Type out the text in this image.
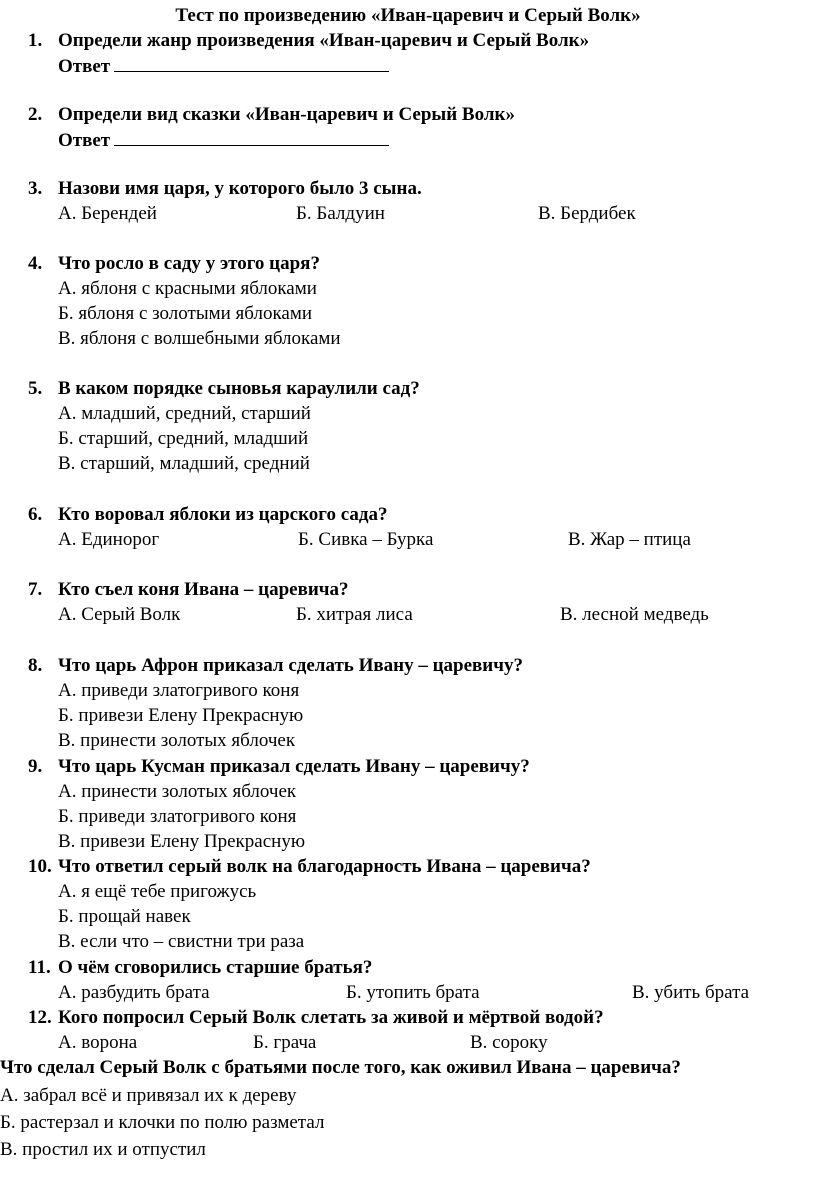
Тест по произведению «Иван-царевич и Серый Волк»
1. Определи жанр произведения «Иван-царевич и Серый Волк»
Ответ
2. Определи вид сказки «Иван-царевич и Серый Волк»
Ответ
3. Назови имя царя, у которого было 3 сына.
А. Берендей	Б. Балдуин	В. Бердибек
4. Что росло в саду у этого царя?
А. яблоня с красными яблоками
Б. яблоня с золотыми яблоками
В. яблоня с волшебными яблоками
5. В каком порядке сыновья караулили сад?
А. младший, средний, старший
Б. старший, средний, младший
В. старший, младший, средний
6. Кто воровал яблоки из царского сада?
А. Единорог	Б. Сивка – Бурка	В. Жар – птица
7. Кто съел коня Ивана – царевича?
А. Серый Волк	Б. хитрая лиса	В. лесной медведь
8. Что царь Афрон приказал сделать Ивану – царевичу?
А. приведи златогривого коня
Б. привези Елену Прекрасную
В. принести золотых яблочек
9. Что царь Кусман приказал сделать Ивану – царевичу?
А. принести золотых яблочек
Б. приведи златогривого коня
В. привези Елену Прекрасную
10. Что ответил серый волк на благодарность Ивана – царевича?
А. я ещё тебе пригожусь
Б. прощай навек
В. если что – свистни три раза
11. О чём сговорились старшие братья?
А. разбудить брата	Б. утопить брата	В. убить брата
12. Кого попросил Серый Волк слетать за живой и мёртвой водой?
А. ворона	Б. грача	В. сороку
Что сделал Серый Волк с братьями после того, как оживил Ивана – царевича?
А. забрал всё и привязал их к дереву
Б. растерзал и клочки по полю разметал
В. простил их и отпустил
